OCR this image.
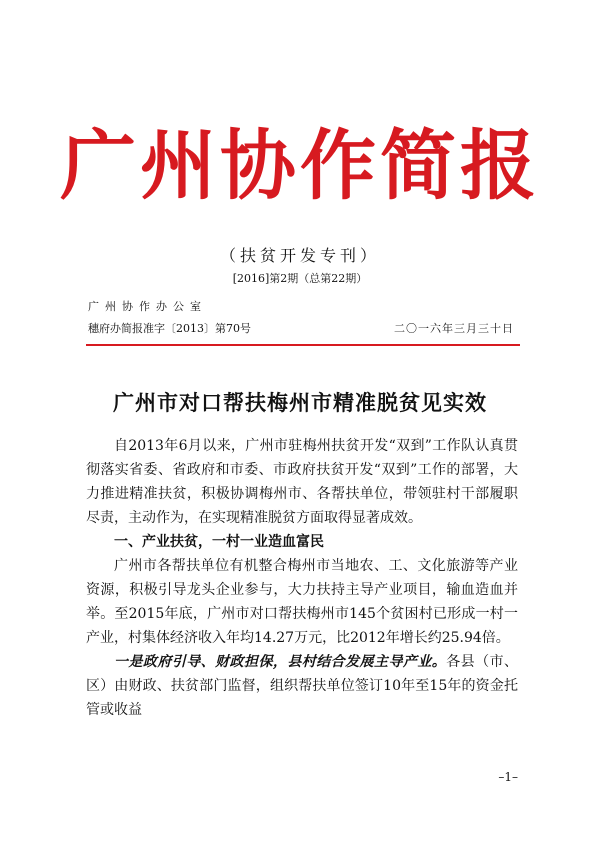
广州协作简报
（扶贫开发专刊）
[2016]第2期（总第22期）
广州协作办公室
穗府办简报准字〔2013〕第70号	二〇一六年三月三十日
广州市对口帮扶梅州市精准脱贫见实效

自2013年6月以来，广州市驻梅州扶贫开发“双到”工作队认真贯彻落实省委、省政府和市委、市政府扶贫开发“双到”工作的部署，大力推进精准扶贫，积极协调梅州市、各帮扶单位，带领驻村干部履职尽责，主动作为，在实现精准脱贫方面取得显著成效。

一、产业扶贫，一村一业造血富民

广州市各帮扶单位有机整合梅州市当地农、工、文化旅游等产业资源，积极引导龙头企业参与，大力扶持主导产业项目，输血造血并举。至2015年底，广州市对口帮扶梅州市145个贫困村已形成一村一产业，村集体经济收入年均14.27万元，比2012年增长约25.94倍。

一是政府引导、财政担保，县村结合发展主导产业。各县（市、区）由财政、扶贫部门监督，组织帮扶单位签订10年至15年的资金托管或收益

–1–
